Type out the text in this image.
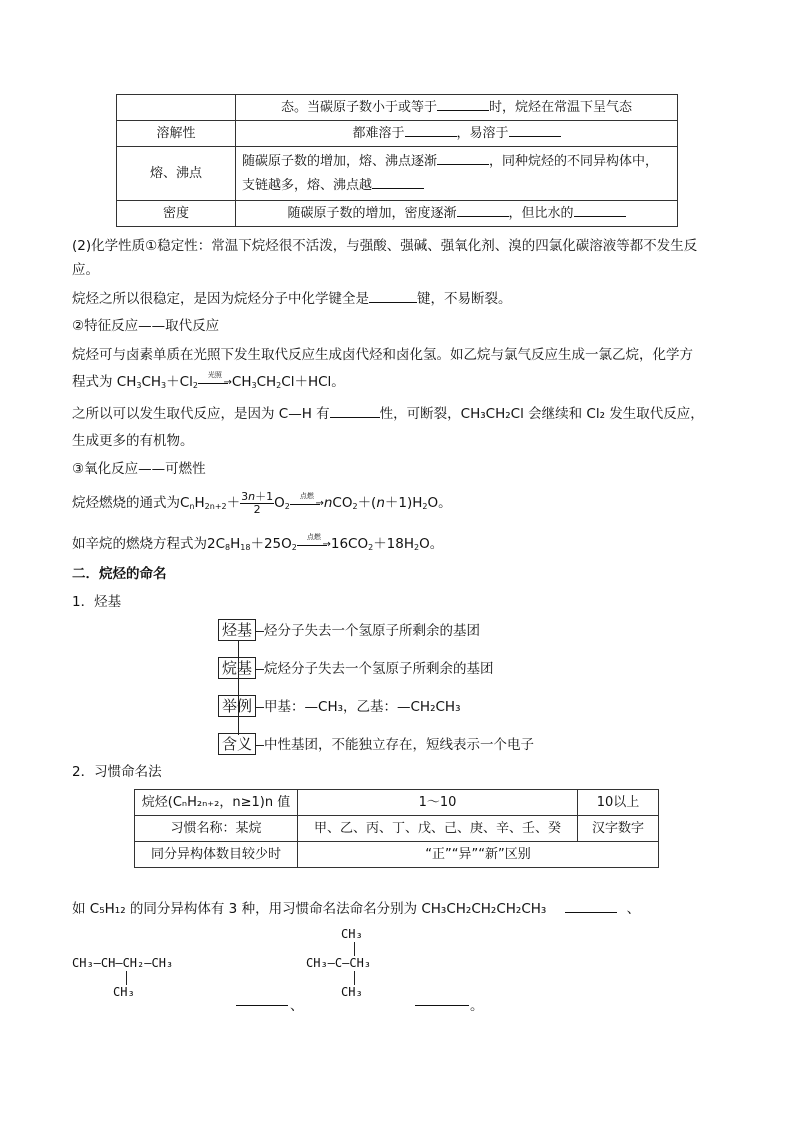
	态。当碳原子数小于或等于 时，烷烃在常温下呈气态
溶解性	都难溶于 ，易溶于
熔、沸点	随碳原子数的增加，熔、沸点逐渐 ，同种烷烃的不同异构体中，
支链越多，熔、沸点越

密度	随碳原子数的增加，密度逐渐 ，但比水的
(2)化学性质①稳定性：常温下烷烃很不活泼，与强酸、强碱、强氧化剂、溴的四氯化碳溶液等都不发生反
应。
烷烃之所以很稳定，是因为烷烃分子中化学键全是	键，不易断裂。
②特征反应——取代反应
烷烃可与卤素单质在光照下发生取代反应生成卤代烃和卤化氢。如乙烷与氯气反应生成一氯乙烷，化学方
程式为 $CH_3CH_3+Cl_2$
光照
→ $CH_3CH_2Cl+HCl$。
之所以可以发生取代反应，是因为 C—H 有	性，可断裂，CH₃CH₂Cl 会继续和 Cl₂ 发生取代反应，
生成更多的有机物。
③氧化反应——可燃性
烷烃燃烧的通式为$C_nH_{2n+2}+ \frac{3n+1}{2} O_2$
点燃
→ $nCO_2+(n+1)H_2O$。
如辛烷的燃烧方程式为$2C_8H_{18}+25O_2$
点燃
→ $16CO_2+18H_2O$。
二．烷烃的命名
1．烃基
烃基 烃分子失去一个氢原子所剩余的基团
烷基 烷烃分子失去一个氢原子所剩余的基团
举例 甲基：—CH₃，乙基：—CH₂CH₃
含义 中性基团，不能独立存在，短线表示一个电子
2．习惯命名法
烷烃(CₙH₂ₙ₊₂，n≥1)n 值	1～10	10以上
习惯名称：某烷	甲、乙、丙、丁、戊、己、庚、辛、壬、癸	汉字数字
同分异构体数目较少时	“正”“异”“新”区别	
如 C₅H₁₂ 的同分异构体有 3 种，用习惯命名法命名分别为 CH₃CH₂CH₂CH₂CH₃	、
CH₃—CH—CH₂—CH₃
CH₃
、
CH₃
CH₃—C—CH₃
CH₃
。
